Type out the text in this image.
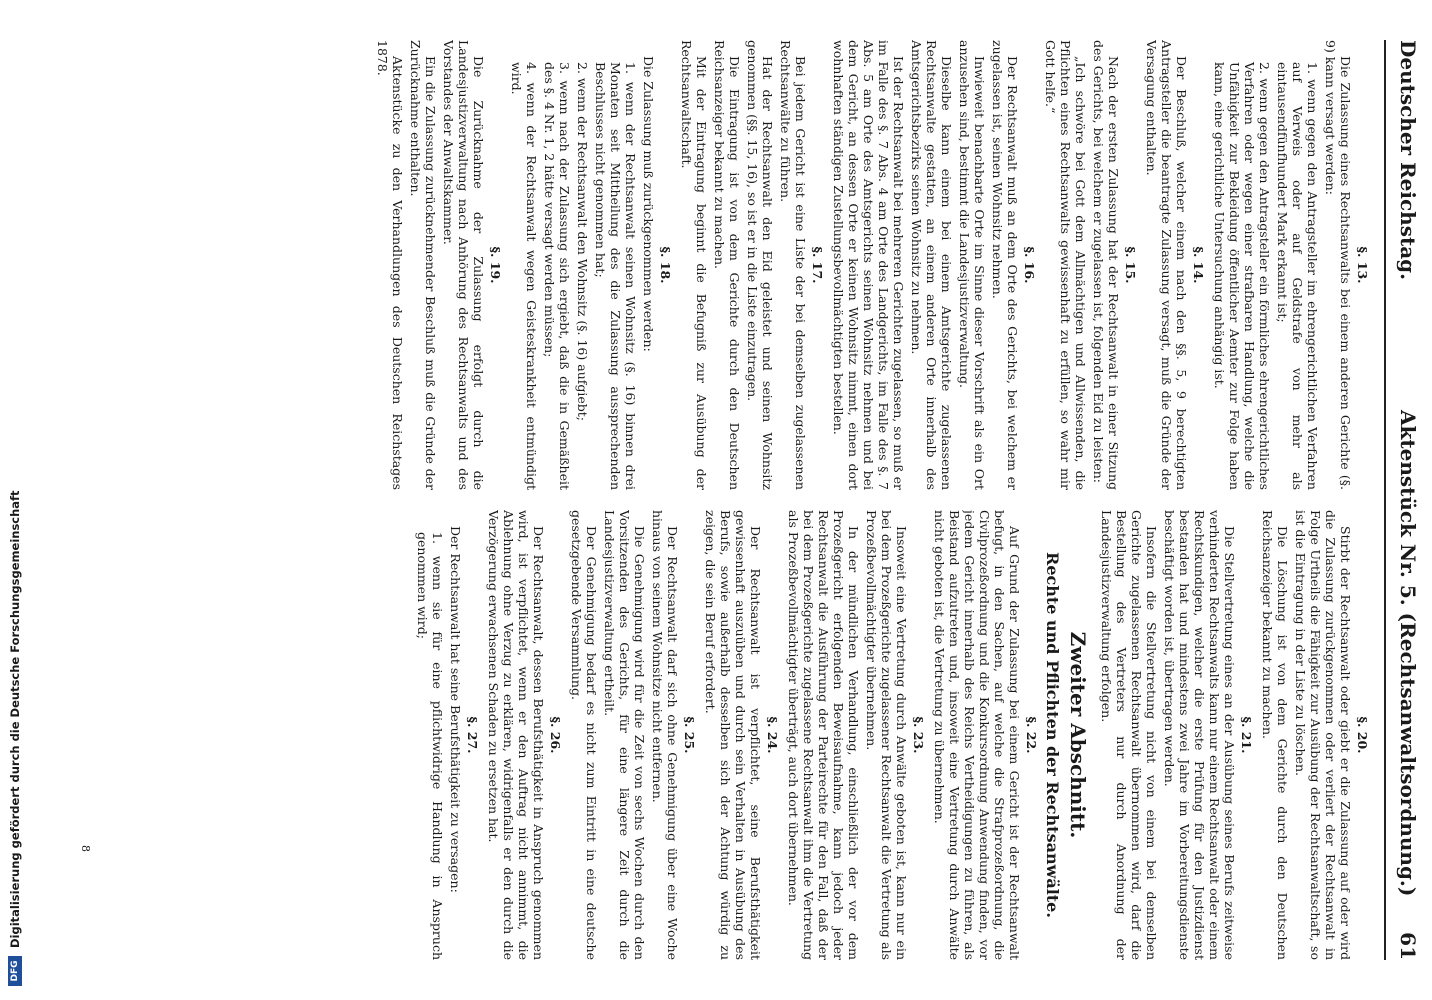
Deutscher Reichstag.
Aktenstück Nr. 5. (Rechtsanwaltsordnung.)
61
§. 13.

Die Zulassung eines Rechtsanwalts bei einem anderen Gerichte (§. 9) kann versagt werden:

1. wenn gegen den Antragsteller im ehrengerichtlichen Verfahren auf Verweis oder auf Geldstrafe von mehr als eintausendfünfhundert Mark erkannt ist;

2. wenn gegen den Antragsteller ein förmliches ehrengerichtliches Verfahren oder wegen einer strafbaren Handlung, welche die Unfähigkeit zur Bekleidung öffentlicher Aemter zur Folge haben kann, eine gerichtliche Untersuchung anhängig ist.

§. 14.

Der Beschluß, welcher einem nach den §§. 5, 9 berechtigten Antragsteller die beantragte Zulassung versagt, muß die Gründe der Versagung enthalten.

§. 15.

Nach der ersten Zulassung hat der Rechtsanwalt in einer Sitzung des Gerichts, bei welchem er zugelassen ist, folgenden Eid zu leisten:

„Ich schwöre bei Gott dem Allmächtigen und Allwissenden, die Pflichten eines Rechtsanwalts gewissenhaft zu erfüllen, so wahr mir Gott helfe.“

§. 16.

Der Rechtsanwalt muß an dem Orte des Gerichts, bei welchem er zugelassen ist, seinen Wohnsitz nehmen.

Inwieweit benachbarte Orte im Sinne dieser Vorschrift als ein Ort anzusehen sind, bestimmt die Landesjustizverwaltung.

Dieselbe kann einem bei einem Amtsgerichte zugelassenen Rechtsanwalte gestatten, an einem anderen Orte innerhalb des Amtsgerichtsbezirks seinen Wohnsitz zu nehmen.

Ist der Rechtsanwalt bei mehreren Gerichten zugelassen, so muß er im Falle des §. 7 Abs. 4 am Orte des Landgerichts, im Falle des §. 7 Abs. 5 am Orte des Amtsgerichts seinen Wohnsitz nehmen und bei dem Gericht, an dessen Orte er keinen Wohnsitz nimmt, einen dort wohnhaften ständigen Zustellungsbevollmächtigten bestellen.

§. 17.

Bei jedem Gericht ist eine Liste der bei demselben zugelassenen Rechtsanwälte zu führen.

Hat der Rechtsanwalt den Eid geleistet und seinen Wohnsitz genommen (§§. 15, 16), so ist er in die Liste einzutragen.

Die Eintragung ist von dem Gerichte durch den Deutschen Reichsanzeiger bekannt zu machen.

Mit der Eintragung beginnt die Befugniß zur Ausübung der Rechtsanwaltschaft.

§. 18.

Die Zulassung muß zurückgenommen werden:

1. wenn der Rechtsanwalt seinen Wohnsitz (§. 16) binnen drei Monaten seit Mittheilung des die Zulassung aussprechenden Beschlusses nicht genommen hat;

2. wenn der Rechtsanwalt den Wohnsitz (§. 16) aufgiebt;

3. wenn nach der Zulassung sich ergiebt, daß die in Gemäßheit des §. 4 Nr. 1, 2 hätte versagt werden müssen;

4. wenn der Rechtsanwalt wegen Geisteskrankheit entmündigt wird.

§. 19.

Die Zurücknahme der Zulassung erfolgt durch die Landesjustizverwaltung nach Anhörung des Rechtsanwalts und des Vorstandes der Anwaltskammer.

Ein die Zulassung zurücknehmender Beschluß muß die Gründe der Zurücknahme enthalten.

Aktenstücke zu den Verhandlungen des Deutschen Reichstages 1878.

§. 20.

Stirbt der Rechtsanwalt oder giebt er die Zulassung auf oder wird die Zulassung zurückgenommen oder verliert der Rechtsanwalt in Folge Urtheils die Fähigkeit zur Ausübung der Rechtsanwaltschaft, so ist die Eintragung in der Liste zu löschen.

Die Löschung ist von dem Gerichte durch den Deutschen Reichsanzeiger bekannt zu machen.

§. 21.

Die Stellvertretung eines an der Ausübung seines Berufs zeitweise verhinderten Rechtsanwalts kann nur einem Rechtsanwalt oder einem Rechtskundigen, welcher die erste Prüfung für den Justizdienst bestanden hat und mindestens zwei Jahre im Vorbereitungsdienste beschäftigt worden ist, übertragen werden.

Insofern die Stellvertretung nicht von einem bei demselben Gerichte zugelassenen Rechtsanwalt übernommen wird, darf die Bestellung des Vertreters nur durch Anordnung der Landesjustizverwaltung erfolgen.

Zweiter Abschnitt.
Rechte und Pflichten der Rechtsanwälte.
§. 22.

Auf Grund der Zulassung bei einem Gericht ist der Rechtsanwalt befugt, in den Sachen, auf welche die Strafprozeßordnung, die Civilprozeßordnung und die Konkursordnung Anwendung finden, vor jedem Gericht innerhalb des Reichs Vertheidigungen zu führen, als Beistand aufzutreten und, insoweit eine Vertretung durch Anwälte nicht geboten ist, die Vertretung zu übernehmen.

§. 23.

Insoweit eine Vertretung durch Anwälte geboten ist, kann nur ein bei dem Prozeßgerichte zugelassener Rechtsanwalt die Vertretung als Prozeßbevollmächtigter übernehmen.

In der mündlichen Verhandlung, einschließlich der vor dem Prozeßgericht erfolgenden Beweisaufnahme, kann jedoch jeder Rechtsanwalt die Ausführung der Parteirechte für den Fall, daß der bei dem Prozeßgerichte zugelassene Rechtsanwalt ihm die Vertretung als Prozeßbevollmächtigter überträgt, auch dort übernehmen.

§. 24.

Der Rechtsanwalt ist verpflichtet, seine Berufsthätigkeit gewissenhaft auszuüben und durch sein Verhalten in Ausübung des Berufs, sowie außerhalb desselben sich der Achtung würdig zu zeigen, die sein Beruf erfordert.

§. 25.

Der Rechtsanwalt darf sich ohne Genehmigung über eine Woche hinaus von seinem Wohnsitze nicht entfernen.

Die Genehmigung wird für die Zeit von sechs Wochen durch den Vorsitzenden des Gerichts, für eine längere Zeit durch die Landesjustizverwaltung ertheilt.

Der Genehmigung bedarf es nicht zum Eintritt in eine deutsche gesetzgebende Versammlung.

§. 26.

Der Rechtsanwalt, dessen Berufsthätigkeit in Anspruch genommen wird, ist verpflichtet, wenn er den Auftrag nicht annimmt, die Ablehnung ohne Verzug zu erklären, widrigenfalls er den durch die Verzögerung erwachsenen Schaden zu ersetzen hat.

§. 27.

Der Rechtsanwalt hat seine Berufsthätigkeit zu versagen:

1. wenn sie für eine pflichtwidrige Handlung in Anspruch genommen wird;

8
DFG
Digitalisierung gefördert durch die Deutsche Forschungsgemeinschaft
